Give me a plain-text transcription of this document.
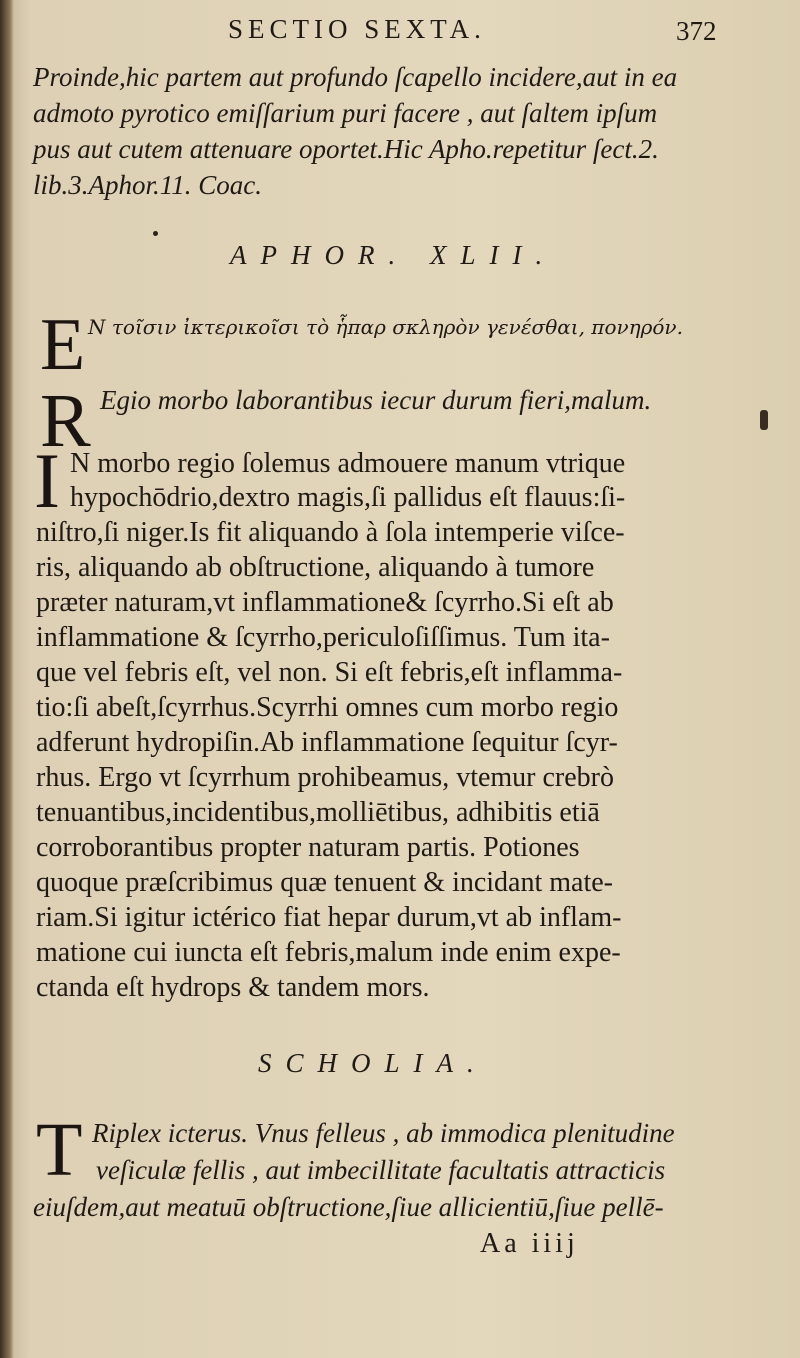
SECTIO SEXTA.	372
Proinde,hic partem aut profundo ſcapello incidere,aut in ea
admoto pyrotico emiſſarium puri facere , aut ſaltem ipſum
pus aut cutem attenuare oportet.Hic Apho.repetitur ſect.2.
lib.3.Aphor.11. Coac.
APHOR. XLII.
E N τοῖσιν ἰκτερικοῖσι τὸ ἧπαρ σκληρὸν γενέσθαι, πονηρόν.
R Egio morbo laborantibus iecur durum fieri,malum.
I N morbo regio ſolemus admouere manum vtrique
hypochōdrio,dextro magis,ſi pallidus eſt flauus:ſi-
niſtro,ſi niger.Is fit aliquando à ſola intemperie viſce-
ris, aliquando ab obſtructione, aliquando à tumore
præter naturam,vt inflammatione& ſcyrrho.Si eſt ab
inflammatione & ſcyrrho,periculoſiſſimus. Tum ita-
que vel febris eſt, vel non. Si eſt febris,eſt inflamma-
tio:ſi abeſt,ſcyrrhus.Scyrrhi omnes cum morbo regio
adferunt hydropiſin.Ab inflammatione ſequitur ſcyr-
rhus. Ergo vt ſcyrrhum prohibeamus, vtemur crebrò
tenuantibus,incidentibus,molliētibus, adhibitis etiā
corroborantibus propter naturam partis. Potiones
quoque præſcribimus quæ tenuent & incidant mate-
riam.Si igitur ictérico fiat hepar durum,vt ab inflam-
matione cui iuncta eſt febris,malum inde enim expe-
ctanda eſt hydrops & tandem mors.
SCHOLIA.
T Riplex icterus. Vnus felleus , ab immodica plenitudine
veſiculæ fellis , aut imbecillitate facultatis attracticis
eiuſdem,aut meatuū obſtructione,ſiue allicientiū,ſiue pellē-
Aa iiij
